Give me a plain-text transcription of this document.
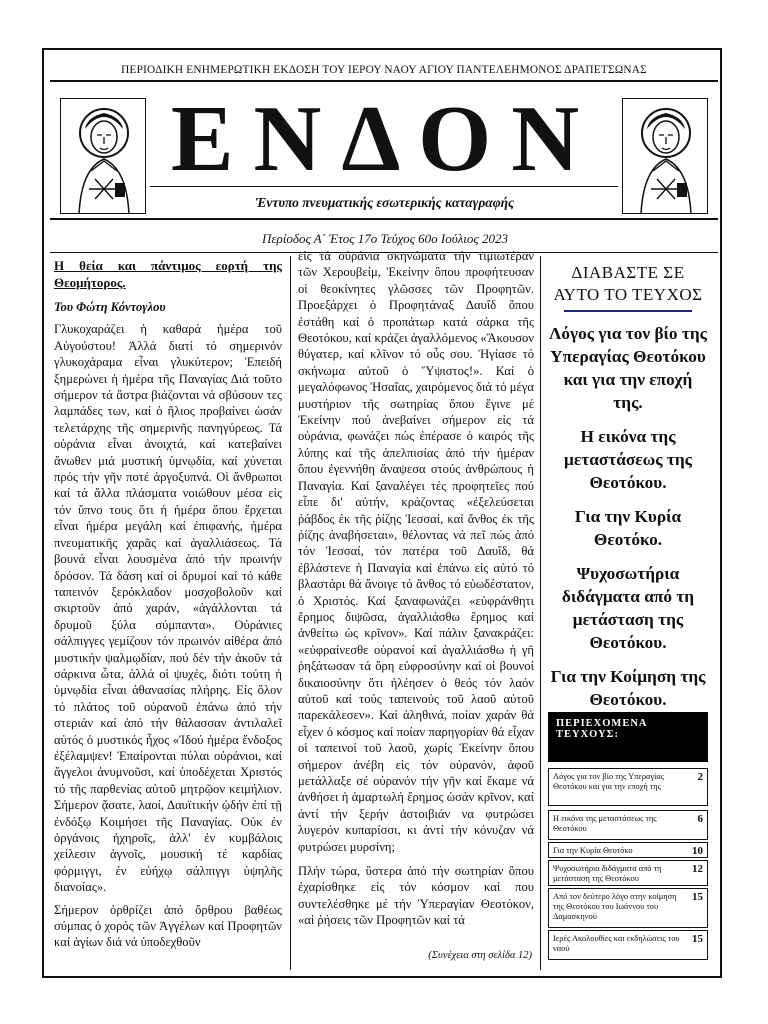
ΠΕΡΙΟΔΙΚΗ ΕΝΗΜΕΡΩΤΙΚΗ ΕΚΔΟΣΗ ΤΟΥ ΙΕΡΟΥ ΝΑΟΥ ΑΓΙΟΥ ΠΑΝΤΕΛΕΗΜΟΝΟΣ ΔΡΑΠΕΤΣΩΝΑΣ
ΕΝΔΟΝ
Έντυπο πνευματικής εσωτερικής καταγραφής
Περίοδος Α΄ Έτος 17ο Τεύχος 60ο Ιούλιος 2023
Η θεία και πάντιμος εορτή της Θεομήτορος.
Του Φώτη Κόντογλου

Γλυκοχαράζει ἡ καθαρά ἡμέρα τοῦ Αὐγούστου! Ἀλλά διατί τό σημερινόν γλυκοχάραμα εἶναι γλυκύτερον; Ἐπειδή ξημερώνει ἡ ἡμέρα τῆς Παναγίας Διά τοῦτο σήμερον τά ἄστρα βιάζονται νά σβύσουν τες λαμπάδες των, καί ὁ ἥλιος προβαίνει ὡσάν τελετάρχης τῆς σημερινῆς πανηγύρεως. Τά οὐράνια εἶναι ἀνοιχτά, καί κατεβαίνει ἄνωθεν μιά μυστική ὑμνῳδία, καί χύνεται πρός τήν γῆν ποτέ ἀργοξυπνά. Οἱ ἄνθρωποι καί τά ἄλλα πλάσματα νοιώθουν μέσα εἰς τόν ὕπνο τους ὅτι ἡ ἡμέρα ὅπου ἔρχεται εἶναι ἡμέρα μεγάλη καί ἐπιφανής, ἡμέρα πνευματικῆς χαρᾶς καί ἀγαλλιάσεως. Τά βουνά εἶναι λουσμένα ἀπό τήν πρωινήν δρόσον. Τά δάση καί οἱ δρυμοί καί τό κάθε ταπεινόν ξερόκλαδον μοσχοβολοῦν καί σκιρτοῦν ἀπό χαράν, «ἀγάλλονται τά δρυμοῦ ξύλα σύμπαντα». Οὐράνιες σάλπιγγες γεμίζουν τόν πρωινόν αἰθέρα ἀπό μυστικήν ψαλμῳδίαν, πού δέν τήν ἀκοῦν τά σάρκινα ὦτα, ἀλλά οἱ ψυχές, διότι τούτη ἡ ὑμνῳδία εἶναι ἀθανασίας πλήρης. Εἰς ὅλον τό πλάτος τοῦ οὐρανοῦ ἐπάνω ἀπό τήν στεριάν καί ἀπό τήν θάλασσαν ἀντιλαλεῖ αὐτός ὁ μυστικός ἦχος «Ἰδού ἡμέρα ἔνδοξος ἐξέλαμψεν! Ἐπαίρονται πύλαι οὐράνιοι, καί ἄγγελοι ἀνυμνοῦσι, καί ὑποδέχεται Χριστός τό τῆς παρθενίας αὐτοῦ μητρῷον κειμήλιον. Σήμερον ᾄσατε, λαοί, Δαυϊτικήν ᾠδήν ἐπί τῇ ἐνδόξῳ Κοιμήσει τῆς Παναγίας. Οὐκ ἐν ὀργάνοις ἠχηροῖς, ἀλλ' ἐν κυμβάλοις χείλεσιν ἁγνοῖς, μουσική τέ καρδίας φόρμιγγι, ἐν εὐήχῳ σάλπιγγι ὑψηλῆς διανοίας».

Σήμερον ὀρθρίζει ἀπό ὄρθρου βαθέως σύμπας ὁ χορός τῶν Ἀγγέλων καί Προφητῶν καί ἁγίων διά νά ὑποδεχθοῦν

εἰς τά οὐράνια σκηνώματα τήν τιμιωτέραν τῶν Χερουβείμ, Ἐκείνην ὅπου προφήτευσαν οἱ θεοκίνητες γλῶσσες τῶν Προφητῶν. Προεξάρχει ὁ Προφητάναξ Δαυΐδ ὅπου ἐστάθη καί ὁ προπάτωρ κατά σάρκα τῆς Θεοτόκου, καί κράζει ἀγαλλόμενος «Ἄκουσον θύγατερ, καί κλῖνον τό οὖς σου. Ἡγίασε τό σκήνωμα αὐτοῦ ὁ Ὕψιστος!». Καί ὁ μεγαλόφωνος Ἠσαΐας, χαιρόμενος διά τό μέγα μυστήριον τῆς σωτηρίας ὅπου ἔγινε μέ Ἐκείνην πού ἀνεβαίνει σήμερον εἰς τά οὐράνια, φωνάζει πώς ἐπέρασε ὁ καιρός τῆς λύπης καί τῆς ἀπελπισίας ἀπό τήν ἡμέραν ὅπου ἐγεννήθη ἄναψεσα στούς ἀνθρώπους ἡ Παναγία. Καί ξαναλέγει τές προφητεῖες πού εἶπε δι' αὐτήν, κράζοντας «ἐξελεύσεται ῥάβδος ἐκ τῆς ῥίζης Ἰεσσαί, καί ἄνθος ἐκ τῆς ῥίζης ἀναβήσεται», θέλοντας νά πεῖ πώς ἀπό τόν Ἰεσσαί, τόν πατέρα τοῦ Δαυΐδ, θά ἐβλάστενε ἡ Παναγία καί ἐπάνω εἰς αὐτό τό βλαστάρι θά ἄνοιγε τό ἄνθος τό εὐωδέστατον, ὁ Χριστός. Καί ξαναφωνάζει «εὐφράνθητι ἔρημος διψῶσα, ἀγαλλιάσθω ἔρημος καί ἀνθείτω ὡς κρῖνον». Καί πάλιν ξανακράζει: «εὐφραίνεσθε οὐρανοί καί ἀγαλλιάσθω ἡ γῆ ῥηξάτωσαν τά ὄρη εὐφροσύνην καί οἱ βουνοί δικαιοσύνην ὅτι ἠλέησεν ὁ θεός τόν λαόν αὐτοῦ καί τούς ταπεινούς τοῦ λαοῦ αὐτοῦ παρεκάλεσεν». Καί ἀληθινά, ποίαν χαράν θά εἶχεν ὁ κόσμος καί ποίαν παρηγορίαν θά εἶχαν οἱ ταπεινοί τοῦ λαοῦ, χωρίς Ἐκείνην ὅπου σήμερον ἀνέβη εἰς τόν οὐρανόν, ἀφοῦ μετάλλαξε σέ οὐρανόν τήν γῆν καί ἔκαμε νά ἀνθήσει ἡ ἁμαρτωλή ἔρημος ὡσάν κρῖνον, καί ἀντί τήν ξερήν ἀστοιβιάν να φυτρώσει λυγερόν κυπαρίσσι, κι ἀντί τήν κόνυζαν νά φυτρώσει μυρσίνη;

Πλήν τώρα, ὕστερα ἀπό τήν σωτηρίαν ὅπου ἐχαρίσθηκε εἰς τόν κόσμον καί που συντελέσθηκε μέ τήν Ὑπεραγίαν Θεοτόκον, «αἱ ῥήσεις τῶν Προφητῶν καί τά

(Συνέχεια στη σελίδα 12)
ΔΙΑΒΑΣΤΕ ΣΕ ΑΥΤΟ ΤΟ ΤΕΥΧΟΣ
Λόγος για τον βίο της Υπεραγίας Θεοτόκου και για την εποχή της.
Η εικόνα της μεταστάσεως της Θεοτόκου.
Για την Κυρία Θεοτόκο.
Ψυχοσωτήρια διδάγματα από τη μετάσταση της Θεοτόκου.
Για την Κοίμηση της Θεοτόκου.
ΠΕΡΙΕΧΟΜΕΝΑ ΤΕΥΧΟΥΣ:
Λόγος για τον βίο της Υπεραγίας Θεοτόκου και για την εποχή της
2
Η εικόνα της μεταστάσεως της Θεοτόκου
6
Για την Κυρία Θεοτόκο	10
Ψυχοσωτήρια διδάγματα από τη μετάσταση της Θεοτόκου
12
Από τον δεύτερο λόγο στην κοίμηση της Θεοτόκου του Ιωάννου του Δαμασκηνού
15
Ιερές Ακολουθίες και εκδηλώσεις του ναού
15
